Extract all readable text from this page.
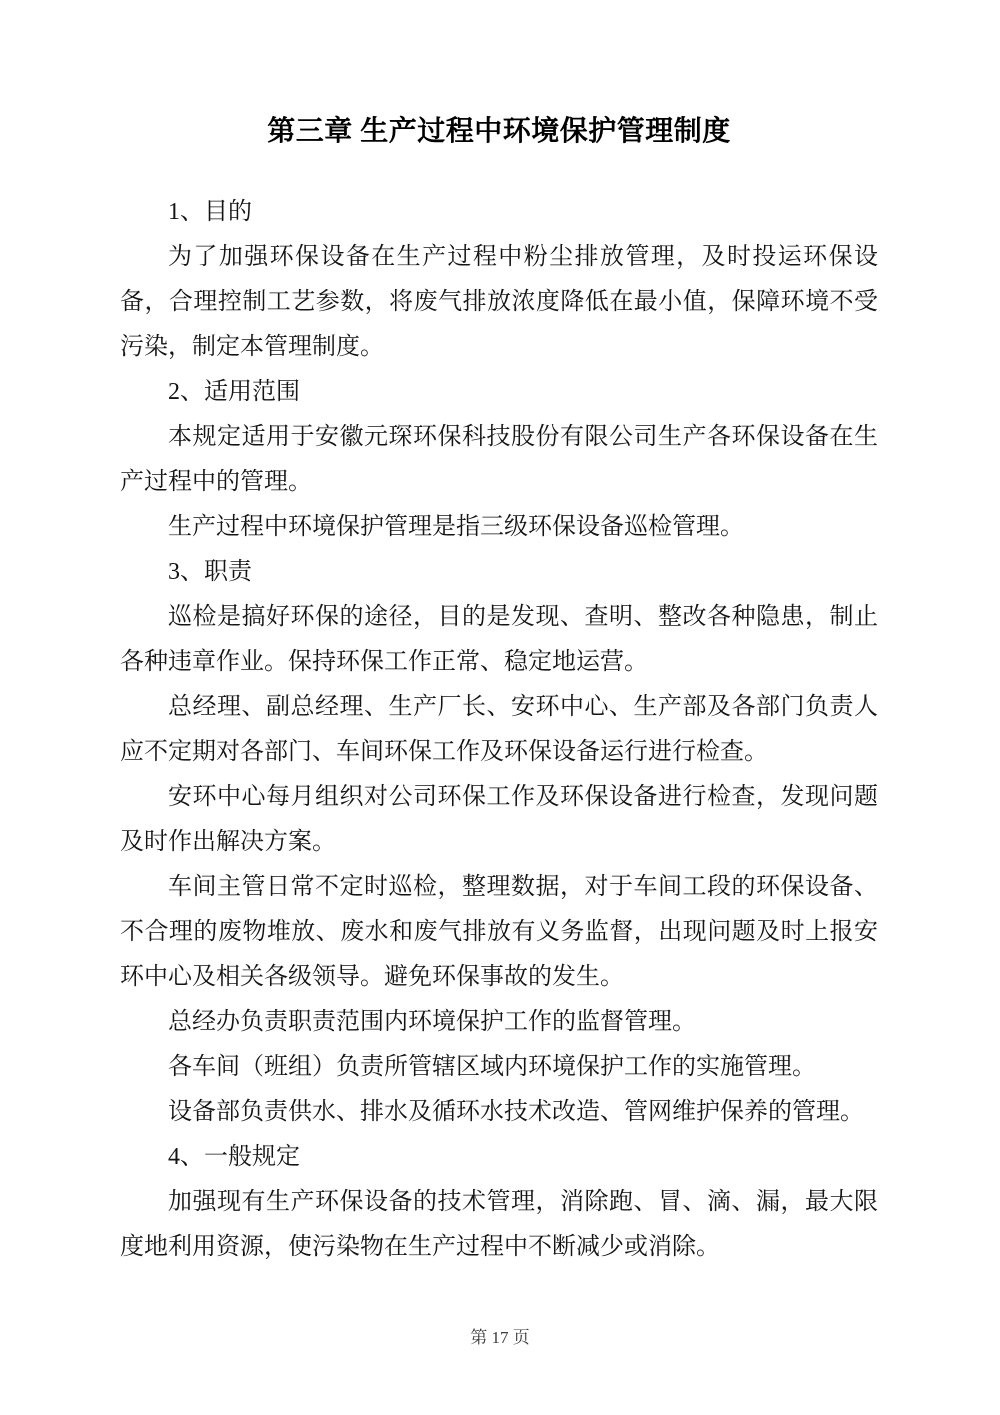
第三章 生产过程中环境保护管理制度

1、目的

为了加强环保设备在生产过程中粉尘排放管理，及时投运环保设备，合理控制工艺参数，将废气排放浓度降低在最小值，保障环境不受污染，制定本管理制度。

2、适用范围

本规定适用于安徽元琛环保科技股份有限公司生产各环保设备在生产过程中的管理。

生产过程中环境保护管理是指三级环保设备巡检管理。

3、职责

巡检是搞好环保的途径，目的是发现、查明、整改各种隐患，制止各种违章作业。保持环保工作正常、稳定地运营。

总经理、副总经理、生产厂长、安环中心、生产部及各部门负责人应不定期对各部门、车间环保工作及环保设备运行进行检查。

安环中心每月组织对公司环保工作及环保设备进行检查，发现问题及时作出解决方案。

车间主管日常不定时巡检，整理数据，对于车间工段的环保设备、不合理的废物堆放、废水和废气排放有义务监督，出现问题及时上报安环中心及相关各级领导。避免环保事故的发生。

总经办负责职责范围内环境保护工作的监督管理。

各车间（班组）负责所管辖区域内环境保护工作的实施管理。

设备部负责供水、排水及循环水技术改造、管网维护保养的管理。

4、一般规定

加强现有生产环保设备的技术管理，消除跑、冒、滴、漏，最大限度地利用资源，使污染物在生产过程中不断减少或消除。

第 17 页
